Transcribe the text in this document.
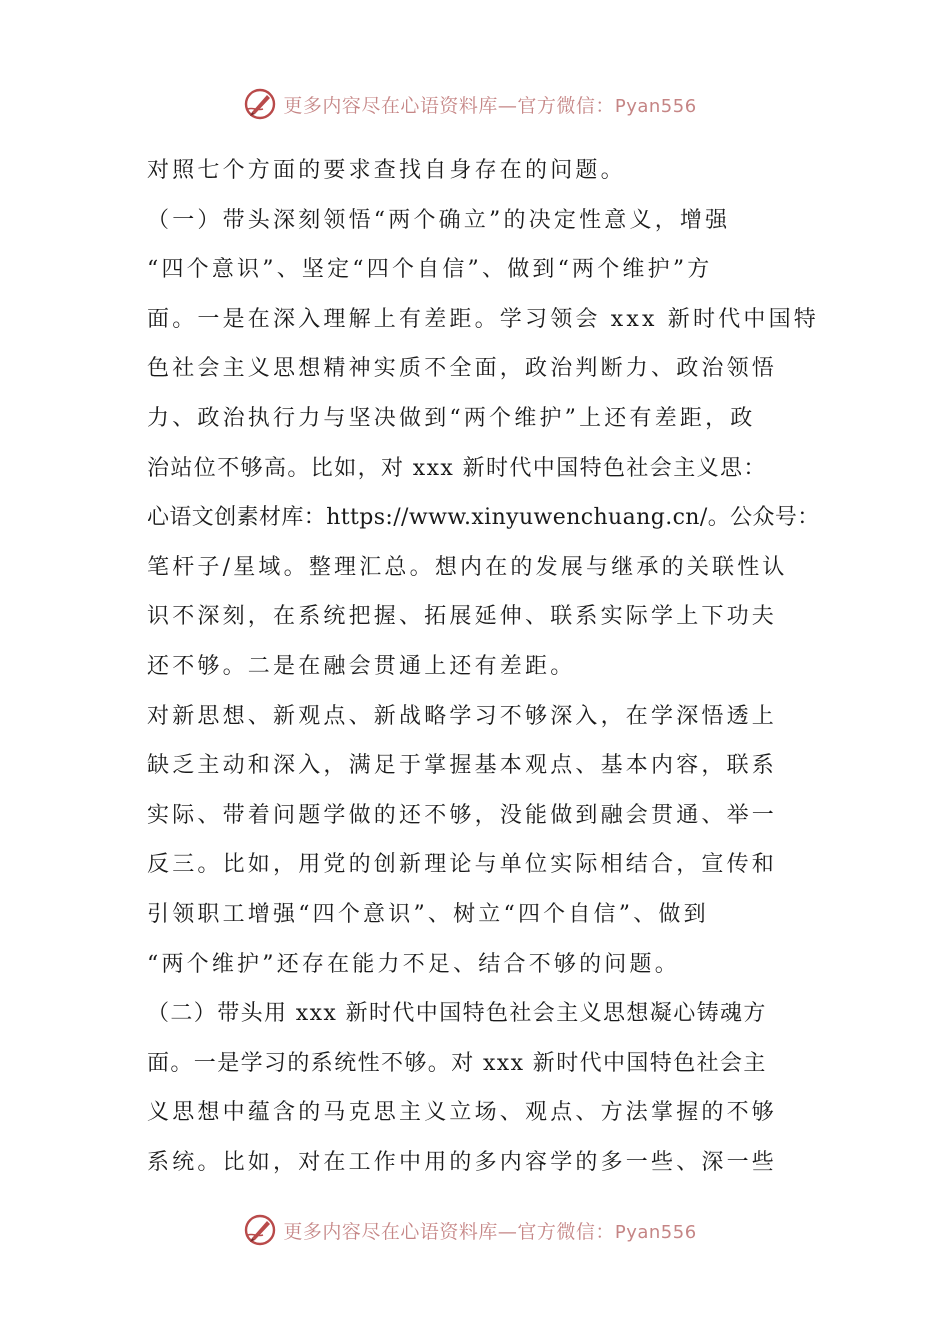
更多内容尽在心语资料库—官方微信：Pyan556
对照七个方面的要求查找自身存在的问题。
（一）带头深刻领悟“两个确立”的决定性意义，增强
“四个意识”、坚定“四个自信”、做到“两个维护”方
面。一是在深入理解上有差距。学习领会 xxx 新时代中国特
色社会主义思想精神实质不全面，政治判断力、政治领悟
力、政治执行力与坚决做到“两个维护”上还有差距，政
治站位不够高。比如，对 xxx 新时代中国特色社会主义思：
心语文创素材库：https://www.xinyuwenchuang.cn/。公众号：
笔杆子/星域。整理汇总。想内在的发展与继承的关联性认
识不深刻，在系统把握、拓展延伸、联系实际学上下功夫
还不够。二是在融会贯通上还有差距。
对新思想、新观点、新战略学习不够深入，在学深悟透上
缺乏主动和深入，满足于掌握基本观点、基本内容，联系
实际、带着问题学做的还不够，没能做到融会贯通、举一
反三。比如，用党的创新理论与单位实际相结合，宣传和
引领职工增强“四个意识”、树立“四个自信”、做到
“两个维护”还存在能力不足、结合不够的问题。
（二）带头用 xxx 新时代中国特色社会主义思想凝心铸魂方
面。一是学习的系统性不够。对 xxx 新时代中国特色社会主
义思想中蕴含的马克思主义立场、观点、方法掌握的不够
系统。比如，对在工作中用的多内容学的多一些、深一些
更多内容尽在心语资料库—官方微信：Pyan556
